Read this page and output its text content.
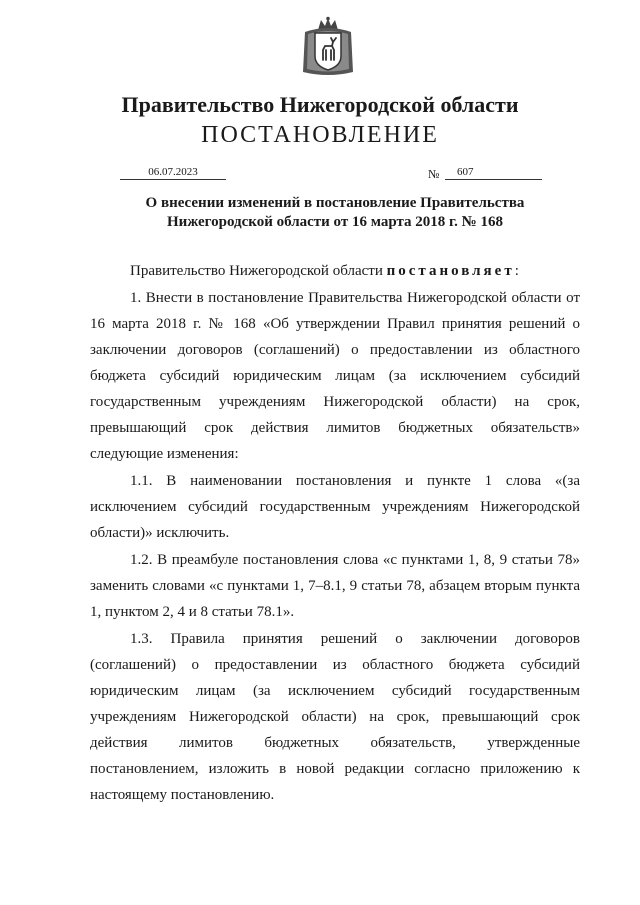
Правительство Нижегородской области
ПОСТАНОВЛЕНИЕ
06.07.2023	№	607
О внесении изменений в постановление Правительства
Нижегородской области от 16 марта 2018 г. № 168

Правительство Нижегородской области постановляет:

1. Внести в постановление Правительства Нижегородской области от 16 марта 2018 г. № 168 «Об утверждении Правил принятия решений о заключении договоров (соглашений) о предоставлении из областного бюджета субсидий юридическим лицам (за исключением субсидий государственным учреждениям Нижегородской области) на срок, превышающий срок действия лимитов бюджетных обязательств» следующие изменения:

1.1. В наименовании постановления и пункте 1 слова «(за исключением субсидий государственным учреждениям Нижегородской области)» исключить.

1.2. В преамбуле постановления слова «с пунктами 1, 8, 9 статьи 78» заменить словами «с пунктами 1, 7–8.1, 9 статьи 78, абзацем вторым пункта 1, пунктом 2, 4 и 8 статьи 78.1».

1.3. Правила принятия решений о заключении договоров (соглашений) о предоставлении из областного бюджета субсидий юридическим лицам (за исключением субсидий государственным учреждениям Нижегородской области) на срок, превышающий срок действия лимитов бюджетных обязательств, утвержденные постановлением, изложить в новой редакции согласно приложению к настоящему постановлению.
